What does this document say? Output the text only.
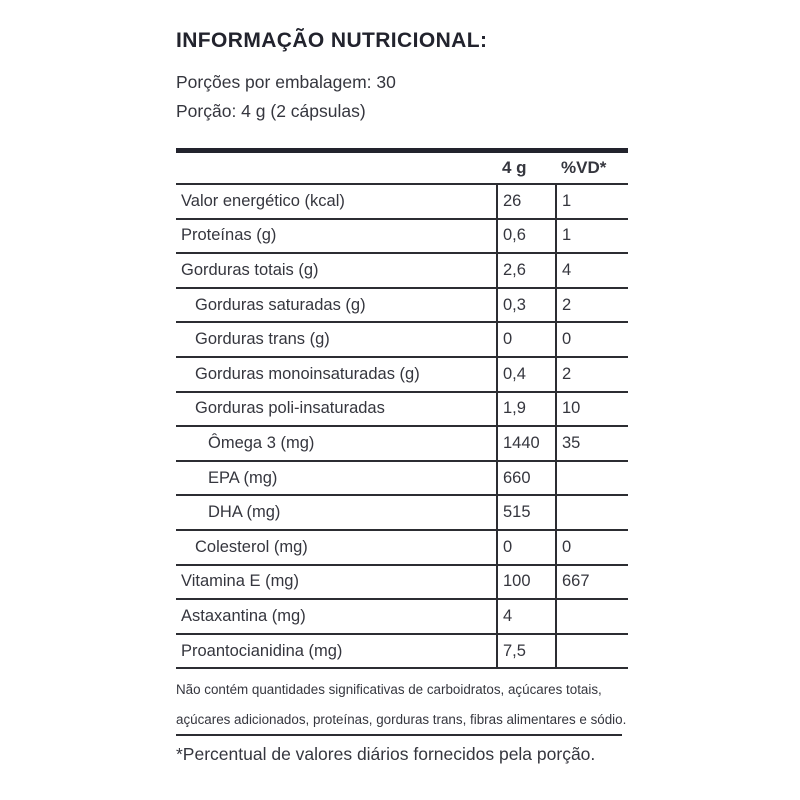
INFORMAÇÃO NUTRICIONAL:
Porções por embalagem: 30
Porção: 4 g (2 cápsulas)
4 g	%VD*
Valor energético (kcal)	26	1
Proteínas (g)	0,6	1
Gorduras totais (g)	2,6	4
Gorduras saturadas (g)	0,3	2
Gorduras trans (g)	0	0
Gorduras monoinsaturadas (g)	0,4	2
Gorduras poli-insaturadas	1,9	10
Ômega 3 (mg)	1440	35
EPA (mg)	660
DHA (mg)	515
Colesterol (mg)	0	0
Vitamina E (mg)	100	667
Astaxantina (mg)	4
Proantocianidina (mg)	7,5
Não contém quantidades significativas de carboidratos, açúcares totais, açúcares adicionados, proteínas, gorduras trans, fibras alimentares e sódio.
*Percentual de valores diários fornecidos pela porção.
